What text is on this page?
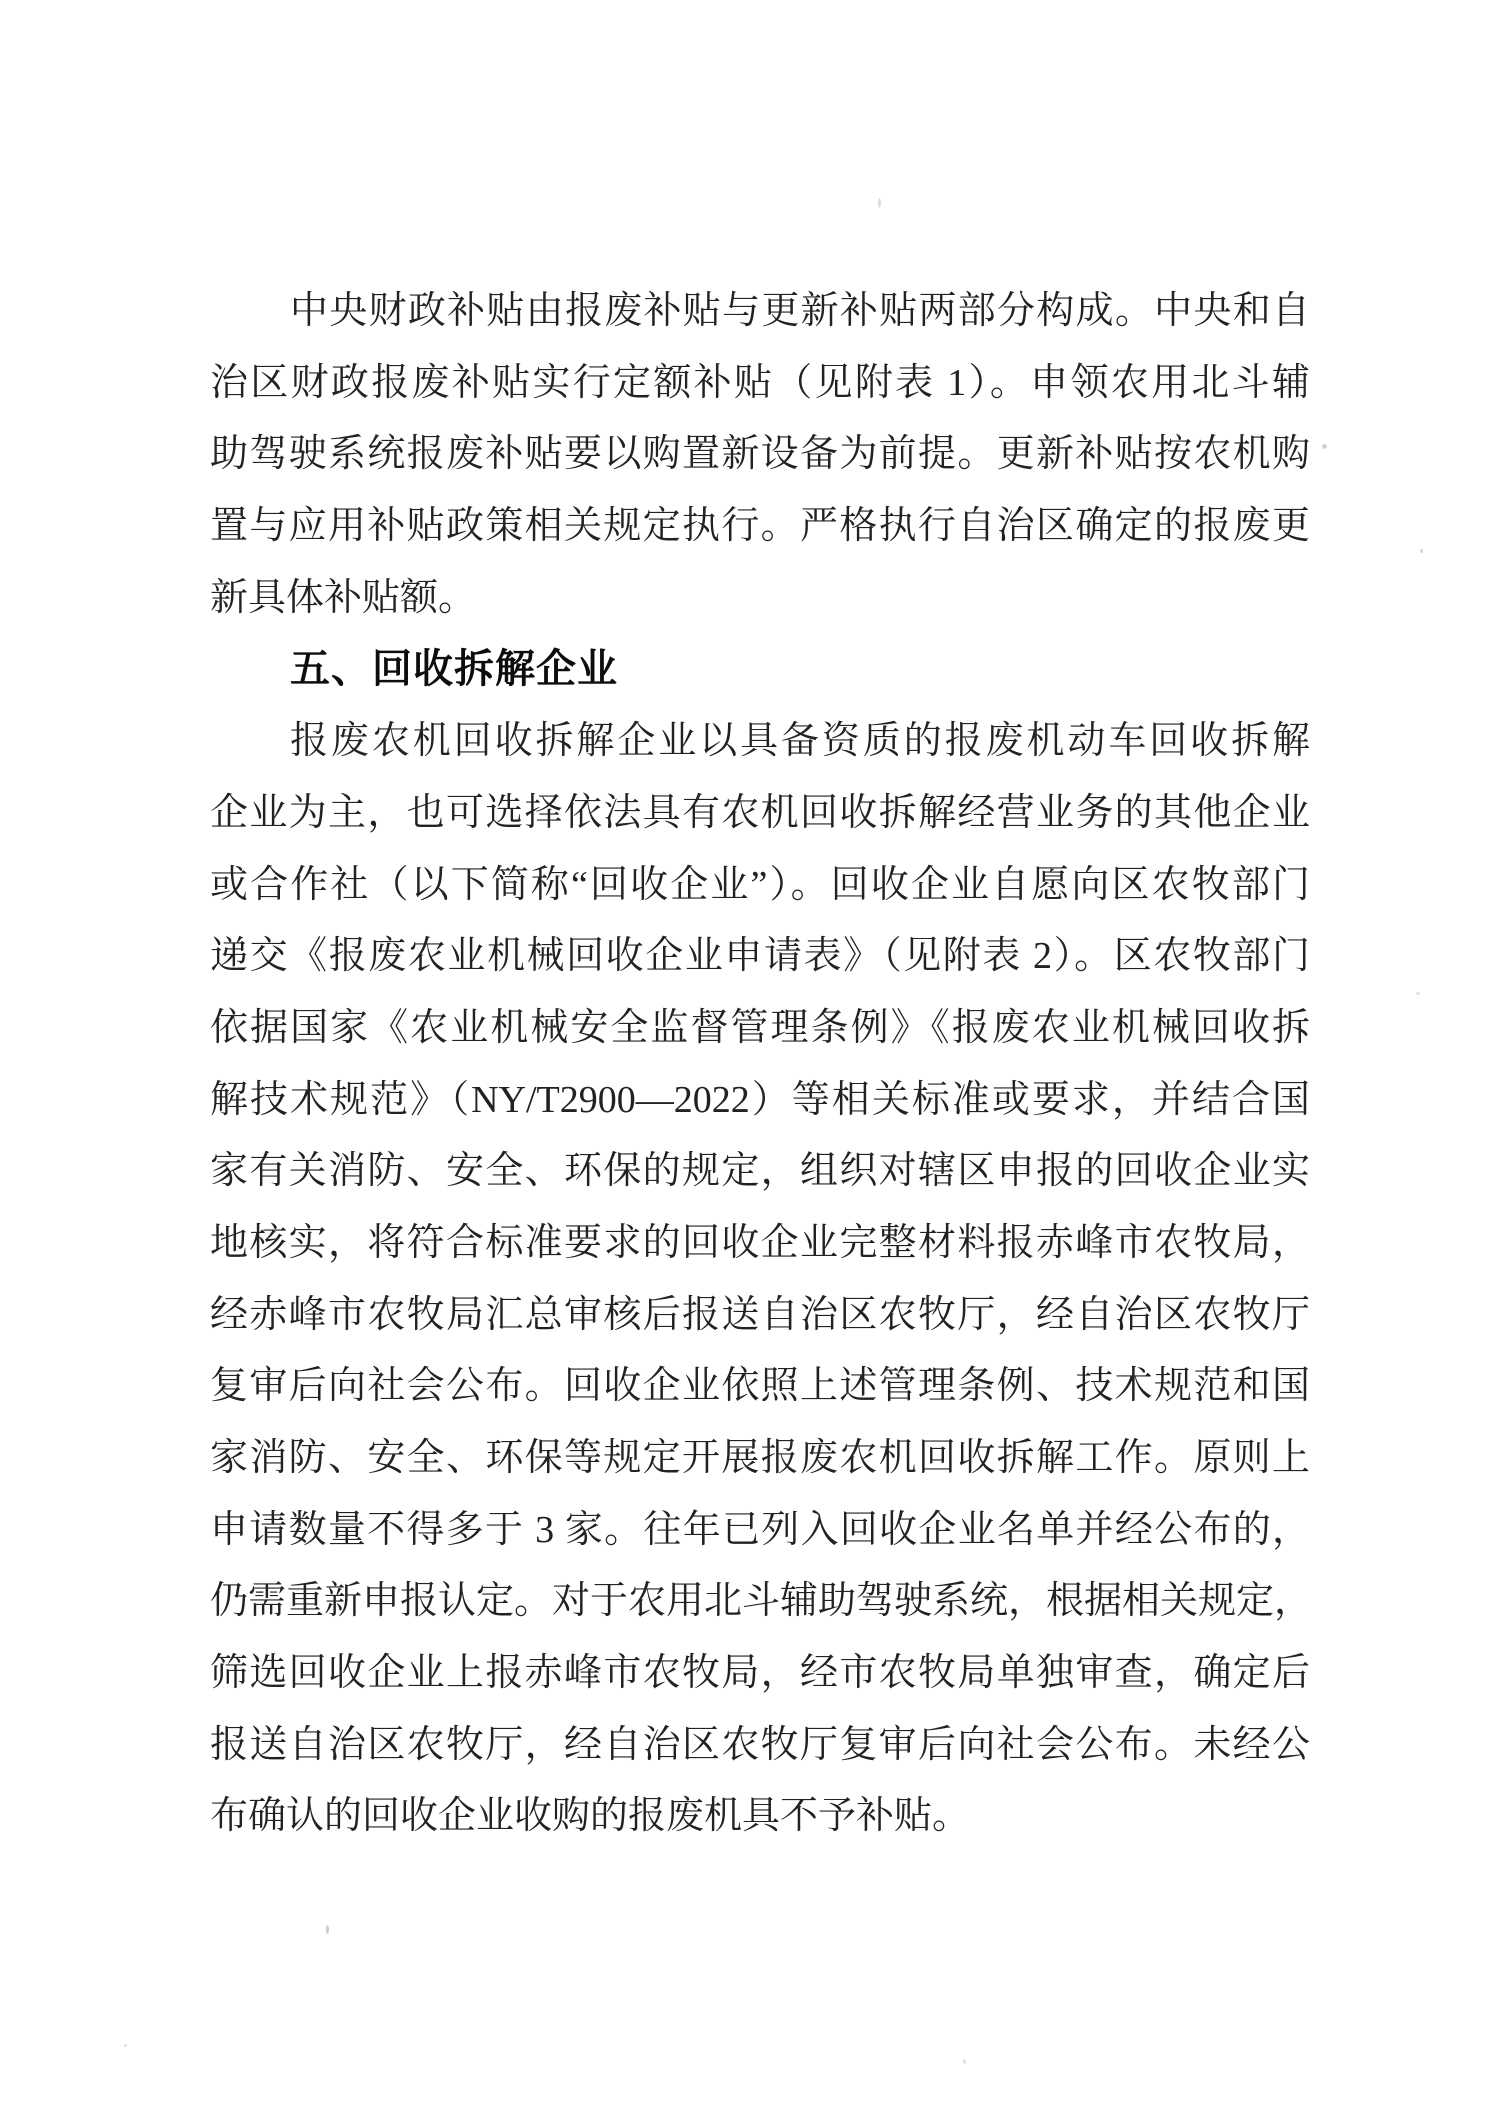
中央财政补贴由报废补贴与更新补贴两部分构成。中央和自
治区财政报废补贴实行定额补贴（见附表 1）。申领农用北斗辅
助驾驶系统报废补贴要以购置新设备为前提。更新补贴按农机购
置与应用补贴政策相关规定执行。严格执行自治区确定的报废更
新具体补贴额。
五、回收拆解企业
报废农机回收拆解企业以具备资质的报废机动车回收拆解
企业为主，也可选择依法具有农机回收拆解经营业务的其他企业
或合作社（以下简称“回收企业”）。回收企业自愿向区农牧部门
递交《报废农业机械回收企业申请表》（见附表 2）。区农牧部门
依据国家《农业机械安全监督管理条例》《报废农业机械回收拆
解技术规范》（NY/T2900—2022）等相关标准或要求，并结合国
家有关消防、安全、环保的规定，组织对辖区申报的回收企业实
地核实，将符合标准要求的回收企业完整材料报赤峰市农牧局，
经赤峰市农牧局汇总审核后报送自治区农牧厅，经自治区农牧厅
复审后向社会公布。回收企业依照上述管理条例、技术规范和国
家消防、安全、环保等规定开展报废农机回收拆解工作。原则上
申请数量不得多于 3 家。往年已列入回收企业名单并经公布的，
仍需重新申报认定。对于农用北斗辅助驾驶系统，根据相关规定，
筛选回收企业上报赤峰市农牧局，经市农牧局单独审查，确定后
报送自治区农牧厅，经自治区农牧厅复审后向社会公布。未经公
布确认的回收企业收购的报废机具不予补贴。
